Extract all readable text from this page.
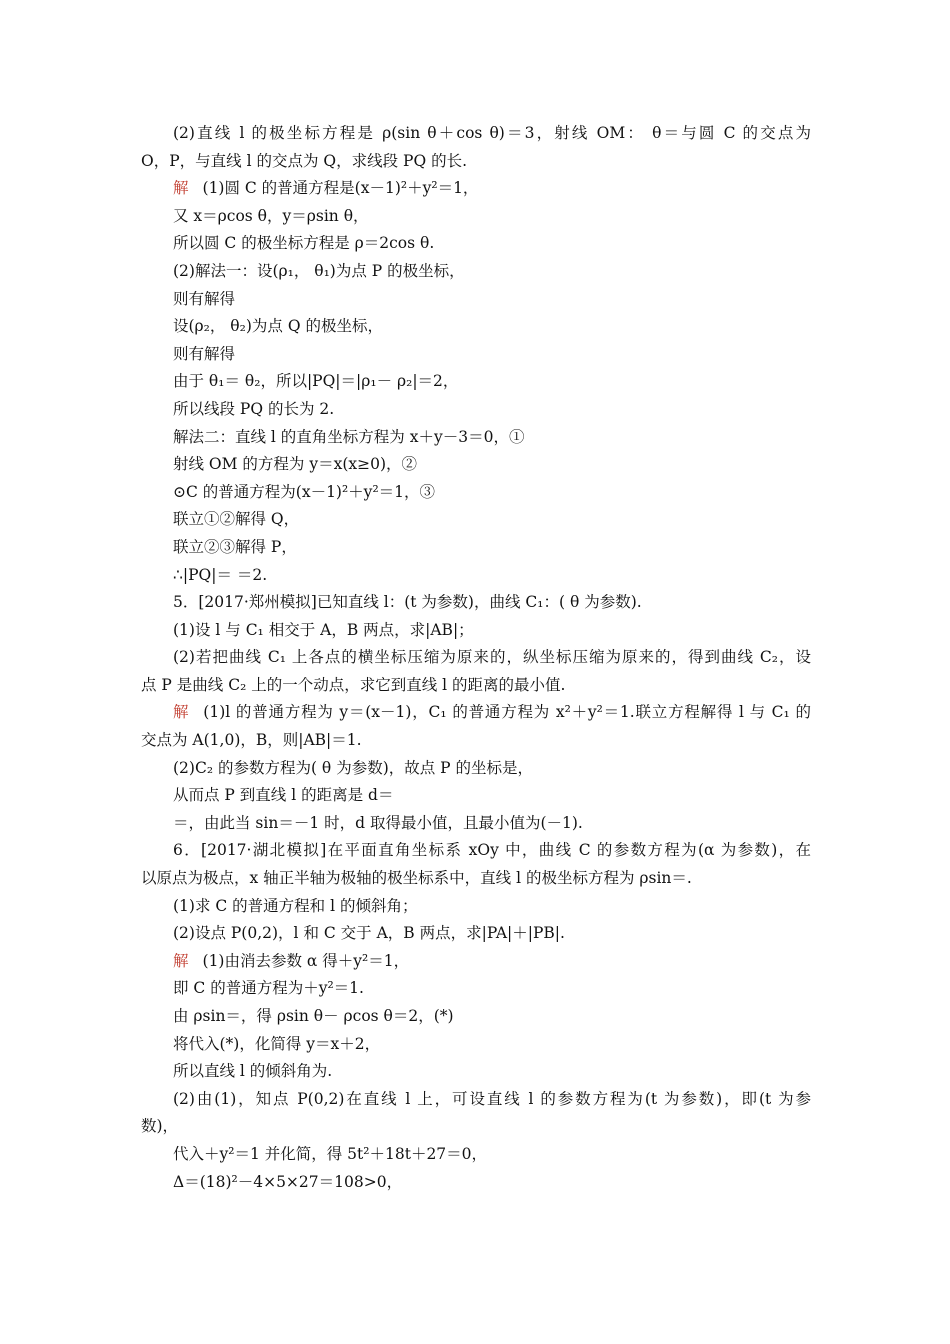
(2)直线 l 的极坐标方程是 ρ(sin θ＋cos θ)＝3，射线 OM： θ＝与圆 C 的交点为
O，P，与直线 l 的交点为 Q，求线段 PQ 的长.
解 (1)圆 C 的普通方程是(x－1)²＋y²＝1，
又 x＝ρcos θ，y＝ρsin θ，
所以圆 C 的极坐标方程是 ρ＝2cos θ.
(2)解法一：设(ρ₁， θ₁)为点 P 的极坐标，
则有解得
设(ρ₂， θ₂)为点 Q 的极坐标，
则有解得
由于 θ₁＝ θ₂，所以|PQ|＝|ρ₁－ ρ₂|＝2，
所以线段 PQ 的长为 2.
解法二：直线 l 的直角坐标方程为 x＋y－3＝0，①
射线 OM 的方程为 y＝x(x≥0)，②
⊙C 的普通方程为(x－1)²＋y²＝1，③
联立①②解得 Q，
联立②③解得 P，
∴|PQ|＝ ＝2.
5．[2017·郑州模拟]已知直线 l：(t 为参数)，曲线 C₁：( θ 为参数).
(1)设 l 与 C₁ 相交于 A，B 两点，求|AB|；
(2)若把曲线 C₁ 上各点的横坐标压缩为原来的，纵坐标压缩为原来的，得到曲线 C₂，设
点 P 是曲线 C₂ 上的一个动点，求它到直线 l 的距离的最小值.
解 (1)l 的普通方程为 y＝(x－1)，C₁ 的普通方程为 x²＋y²＝1.联立方程解得 l 与 C₁ 的
交点为 A(1,0)，B，则|AB|＝1.
(2)C₂ 的参数方程为( θ 为参数)，故点 P 的坐标是，
从而点 P 到直线 l 的距离是 d＝
＝，由此当 sin＝－1 时，d 取得最小值，且最小值为(－1).
6．[2017·湖北模拟]在平面直角坐标系 xOy 中，曲线 C 的参数方程为(α 为参数)，在
以原点为极点，x 轴正半轴为极轴的极坐标系中，直线 l 的极坐标方程为 ρsin＝.
(1)求 C 的普通方程和 l 的倾斜角；
(2)设点 P(0,2)，l 和 C 交于 A，B 两点，求|PA|＋|PB|.
解 (1)由消去参数 α 得＋y²＝1，
即 C 的普通方程为＋y²＝1.
由 ρsin＝，得 ρsin θ－ ρcos θ＝2，(*)
将代入(*)，化简得 y＝x＋2，
所以直线 l 的倾斜角为.
(2)由(1)，知点 P(0,2)在直线 l 上，可设直线 l 的参数方程为(t 为参数)，即(t 为参
数)，
代入＋y²＝1 并化简，得 5t²＋18t＋27＝0，
Δ＝(18)²－4×5×27＝108>0，
